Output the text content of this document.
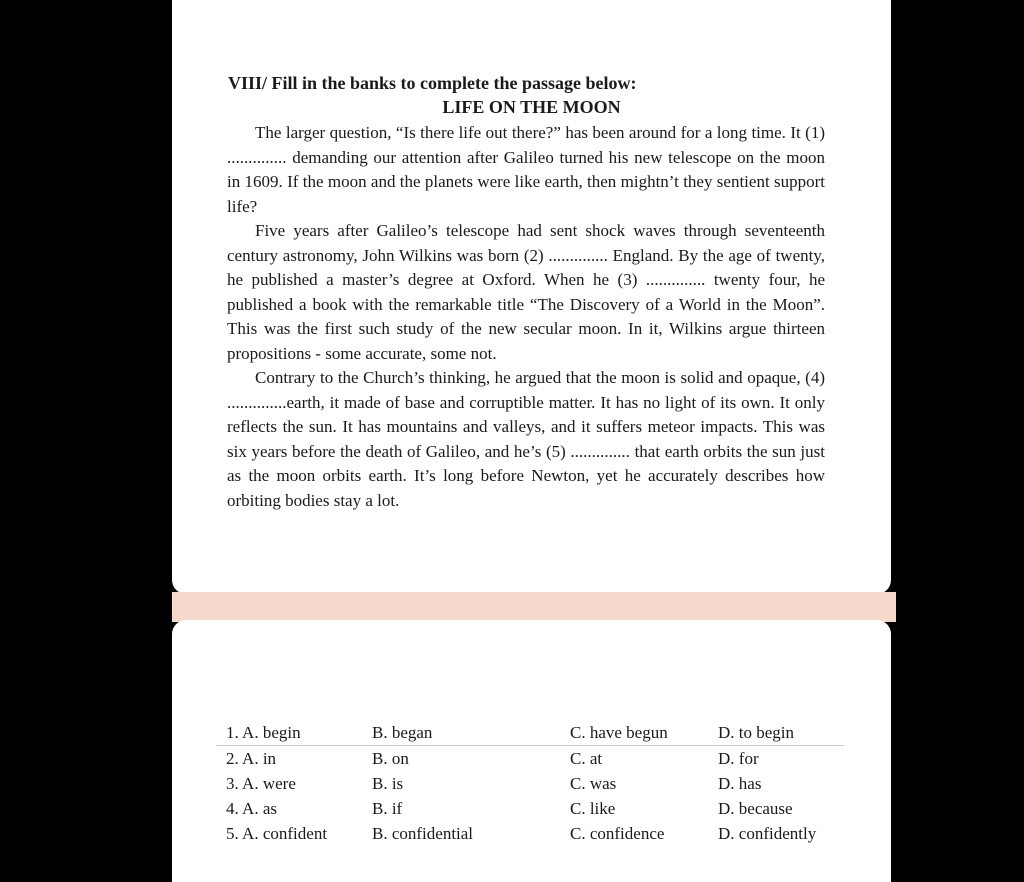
VIII/ Fill in the banks to complete the passage below:
LIFE ON THE MOON

The larger question, “Is there life out there?” has been around for a long time. It (1) .............. demanding our attention after Galileo turned his new telescope on the moon in 1609. If the moon and the planets were like earth, then mightn’t they sentient support life?

Five years after Galileo’s telescope had sent shock waves through seventeenth century astronomy, John Wilkins was born (2) .............. England. By the age of twenty, he published a master’s degree at Oxford. When he (3) .............. twenty four, he published a book with the remarkable title “The Discovery of a World in the Moon”. This was the first such study of the new secular moon. In it, Wilkins argue thirteen propositions - some accurate, some not.

Contrary to the Church’s thinking, he argued that the moon is solid and opaque, (4) ..............earth, it made of base and corruptible matter. It has no light of its own. It only reflects the sun. It has mountains and valleys, and it suffers meteor impacts. This was six years before the death of Galileo, and he’s (5) .............. that earth orbits the sun just as the moon orbits earth. It’s long before Newton, yet he accurately describes how orbiting bodies stay a lot.

1. A. begin	B. began	C. have begun	D. to begin
2. A. in	B. on	C. at	D. for
3. A. were	B. is	C. was	D. has
4. A. as	B. if	C. like	D. because
5. A. confident	B. confidential	C. confidence	D. confidently
